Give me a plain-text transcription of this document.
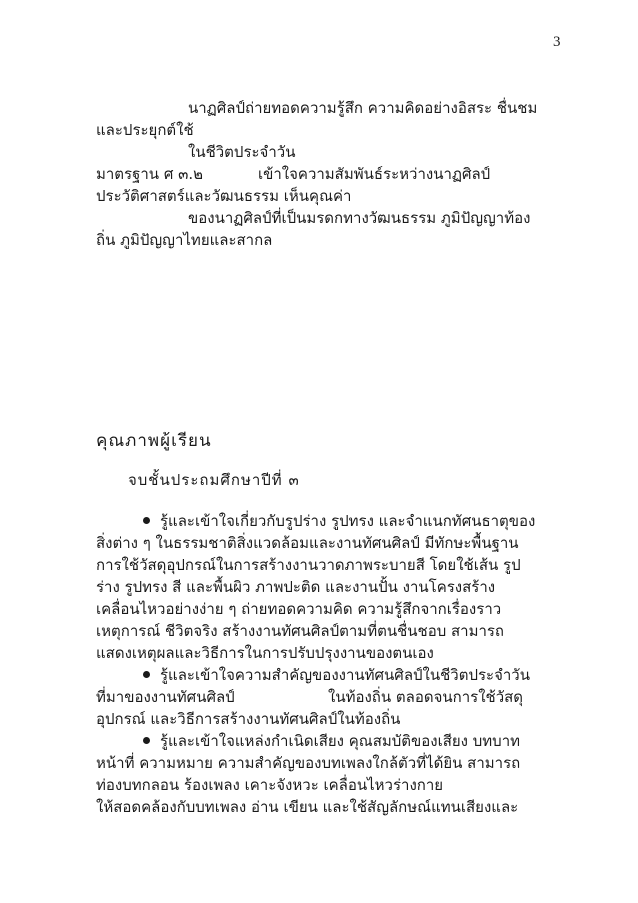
3
นาฏศิลป์ถ่ายทอดความรู้สึก ความคิดอย่างอิสระ ชื่นชม
และประยุกต์ใช้
ในชีวิตประจำวัน
มาตรฐาน ศ ๓.๒	เข้าใจความสัมพันธ์ระหว่างนาฏศิลป์
ประวัติศาสตร์และวัฒนธรรม เห็นคุณค่า
ของนาฏศิลป์ที่เป็นมรดกทางวัฒนธรรม ภูมิปัญญาท้อง
ถิ่น ภูมิปัญญาไทยและสากล
คุณภาพผู้เรียน
จบชั้นประถมศึกษาปีที่ ๓
รู้และเข้าใจเกี่ยวกับรูปร่าง รูปทรง และจำแนกทัศนธาตุของ
สิ่งต่าง ๆ ในธรรมชาติสิ่งแวดล้อมและงานทัศนศิลป์ มีทักษะพื้นฐาน
การใช้วัสดุอุปกรณ์ในการสร้างงานวาดภาพระบายสี โดยใช้เส้น รูป
ร่าง รูปทรง สี และพื้นผิว ภาพปะติด และงานปั้น งานโครงสร้าง
เคลื่อนไหวอย่างง่าย ๆ ถ่ายทอดความคิด ความรู้สึกจากเรื่องราว
เหตุการณ์ ชีวิตจริง สร้างงานทัศนศิลป์ตามที่ตนชื่นชอบ สามารถ
แสดงเหตุผลและวิธีการในการปรับปรุงงานของตนเอง
รู้และเข้าใจความสำคัญของงานทัศนศิลป์ในชีวิตประจำวัน
ที่มาของงานทัศนศิลป์	ในท้องถิ่น ตลอดจนการใช้วัสดุ
อุปกรณ์ และวิธีการสร้างงานทัศนศิลป์ในท้องถิ่น
รู้และเข้าใจแหล่งกำเนิดเสียง คุณสมบัติของเสียง บทบาท
หน้าที่ ความหมาย ความสำคัญของบทเพลงใกล้ตัวที่ได้ยิน สามารถ
ท่องบทกลอน ร้องเพลง เคาะจังหวะ เคลื่อนไหวร่างกาย
ให้สอดคล้องกับบทเพลง อ่าน เขียน และใช้สัญลักษณ์แทนเสียงและ
